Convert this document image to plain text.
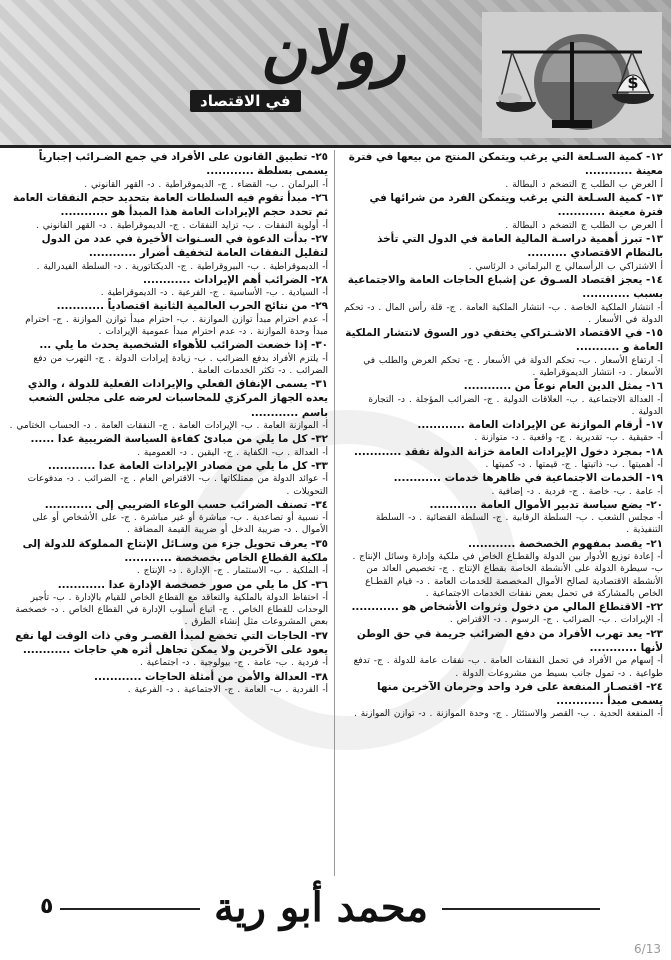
رولان
في الاقتصاد
$
١٢- كمية السـلعة التي يرغب ويتمكن المنتج من بيعها في فترة معينة ............
أ العرض ب الطلب ج التضخم د البطالة .
١٣- كمية السـلعة التي يرغب ويتمكن الفرد من شرائها في فترة معينة ............
أ العرض ب الطلب ج التضخم د البطالة .
١٣- تبرز أهمية دراسـة المالية العامة في الدول التي تأخذ بالنظام الاقتصادي ..........
أ الاشتراكي ب الرأسمالي ج البرلماني د الرئاسي .
١٤- يعجز اقتصاد السـوق عن إشباع الحاجات العامة والاجتماعية بسبب ............
أ- انتشار الملكية الخاصة . ب- انتشار الملكية العامة . ج- قلة رأس المال . د- تحكم الدولة في الأسعار .
١٥- في الاقتصاد الاشـتراكي يختفي دور السوق لانتشار الملكية العامة و ...........
أ- ارتفاع الأسعار . ب- تحكم الدولة في الأسعار . ج- تحكم العرض والطلب في الأسعار . د- انتشار الديموقراطية .
١٦- يمثل الدين العام نوعاً من ............
أ- العدالة الاجتماعية . ب- العلاقات الدولية . ج- الضرائب المؤجلة . د- التجارة الدولية .
١٧- أرقام الموازنة عن الإيرادات العامة ............
أ- حقيقية . ب- تقديرية . ج- واقعية . د- متوازنة .
١٨- بمجرد دخول الإيرادات العامة خزانة الدولة تفقد ............
أ- أهميتها . ب- ذاتيتها . ج- قيمتها . د- كميتها .
١٩- الخدمات الاجتماعية في ظاهرها خدمات ............
أ- عامة . ب- خاصة . ج- فردية . د- إضافية .
٢٠- يضع سياسة تدبير الأموال العامة ............
أ- مجلس الشعب . ب- السلطة الرقابية . ج- السلطة القضائية . د- السلطة التنفيذية .
٢١- يقصد بمفهوم الخصخصة ............
أ- إعادة توزيع الأدوار بين الدولة والقطـاع الخاص في ملكية وإدارة وسائل الإنتاج . ب- سيطرة الدولة على الأنشطة الخاصة بقطاع الإنتاج . ج- تخصيص العائد من الأنشطة الاقتصادية لصالح الأموال المخصصة للخدمات العامة . د- قيام القطـاع الخاص بالمشاركة في تحمل بعض نفقات الخدمات الاجتماعية .
٢٢- الاقتطاع المالي من دخول وثروات الأشخاص هو ............
أ- الإيرادات . ب- الضرائب . ج- الرسوم . د- الاقتراض .
٢٣- يعد تهرب الأفراد من دفع الضرائب جريمة في حق الوطن لأنها ............
أ- إسهام من الأفراد في تحمل النفقات العامة . ب- نفقات عامة للدولة . ج- تدفع طواعية . د- تمول جانب بسيط من مشروعات الدولة .
٢٤- اقتصـار المنفعة على فرد واحد وحرمان الآخرين منها يسمى مبدأ ............
أ- المنفعة الحدية . ب- القصر والاستئثار . ج- وحدة الموازنة . د- توازن الموازنة .
٢٥- تطبيق القانون على الأفراد في جمع الضـرائب إجبارياً يسمى بسلطة ............
أ- البرلمان . ب- القضاء . ج- الديموقراطية . د- القهر القانوني .
٢٦- مبدأ تقوم فيه السلطات العامة بتحديد حجم النفقات العامة ثم تحدد حجم الإيرادات العامة هذا المبدأ هو ............
أ- أولوية النفقات . ب- تزايد النفقات . ج- الديموقراطية . د- القهر القانوني .
٢٧- بدأت الدعوة في السـنوات الأخيرة في عدد من الدول لتقليل النفقات العامة لتخفيف أضرار ............
أ- الديموقراطية . ب- البيروقراطية . ج- الديكتاتورية . د- السلطة الفيدرالية .
٢٨- الضرائب أهم الإيرادات ............
أ- السيادية . ب- الأساسية . ج- الفرعية . د- الديموقراطية .
٢٩- من نتائج الحرب العالمية الثانية اقتصادياً ............
أ- عدم احترام مبدأ توازن الموازنة . ب- احترام مبدأ توازن الموازنة . ج- احترام مبدأ وحدة الموازنة . د- عدم احترام مبدأ عمومية الإيرادات .
٣٠- إذا خضعت الضرائب للأهواء الشخصية يحدث ما يلي ...
أ- يلتزم الأفراد بدفع الضرائب . ب- زيادة إيرادات الدولة . ج- التهرب من دفع الضرائب . د- تكثر الخدمات العامة .
٣١- يسمى الإنفاق الفعلي والإيرادات الفعلية للدولة ، والذي يعده الجهاز المركزي للمحاسبات لعرضه على مجلس الشعب باسم ............
أ- الموازنة العامة . ب- الإيرادات العامة . ج- النفقات العامة . د- الحساب الختامي .
٣٢- كل ما يلي من مبادئ كفاءة السياسة الضريبية عدا ......
أ- العدالة . ب- الكفاية . ج- اليقين . د- العمومية .
٣٣- كل ما يلي من مصادر الإيرادات العامة عدا ............
أ- عوائد الدولة من ممتلكاتها . ب- الاقتراض العام . ج- الضرائب . د- مدفوعات التحويلات .
٣٤- تصنف الضرائب حسب الوعاء الضريبي إلى ............
أ- نسبية أو تصاعدية . ب- مباشرة أو غير مباشرة . ج- على الأشخاص أو على الأموال . د- ضريبة الدخل أو ضريبة القيمة المضافة .
٣٥- يعرف تحويل جزء من وسـائل الإنتاج المملوكة للدولة إلى ملكية القطاع الخاص بخصخصة ............
أ- الملكية . ب- الاستثمار . ج- الإدارة . د- الإنتاج .
٣٦- كل ما يلي من صور خصخصة الإدارة عدا ............
أ- احتفاظ الدولة بالملكية والتعاقد مع القطاع الخاص للقيام بالإدارة . ب- تأجير الوحدات للقطاع الخاص . ج- اتباع أسلوب الإدارة في القطاع الخاص . د- خصخصة بعض المشروعات مثل إنشاء الطرق .
٣٧- الحاجات التي تخضع لمبدأ القصـر وفي ذات الوقت لها نفع يعود على الآخرين ولا يمكن تجاهل أثره هي حاجات ............
أ- فردية . ب- عامة . ج- بيولوجية . د- اجتماعية .
٣٨- العدالة والأمن من أمثلة الحاجات ............
أ- الفردية . ب- العامة . ج- الاجتماعية . د- الفرعية .
٥	محمد أبو رية
6/13
